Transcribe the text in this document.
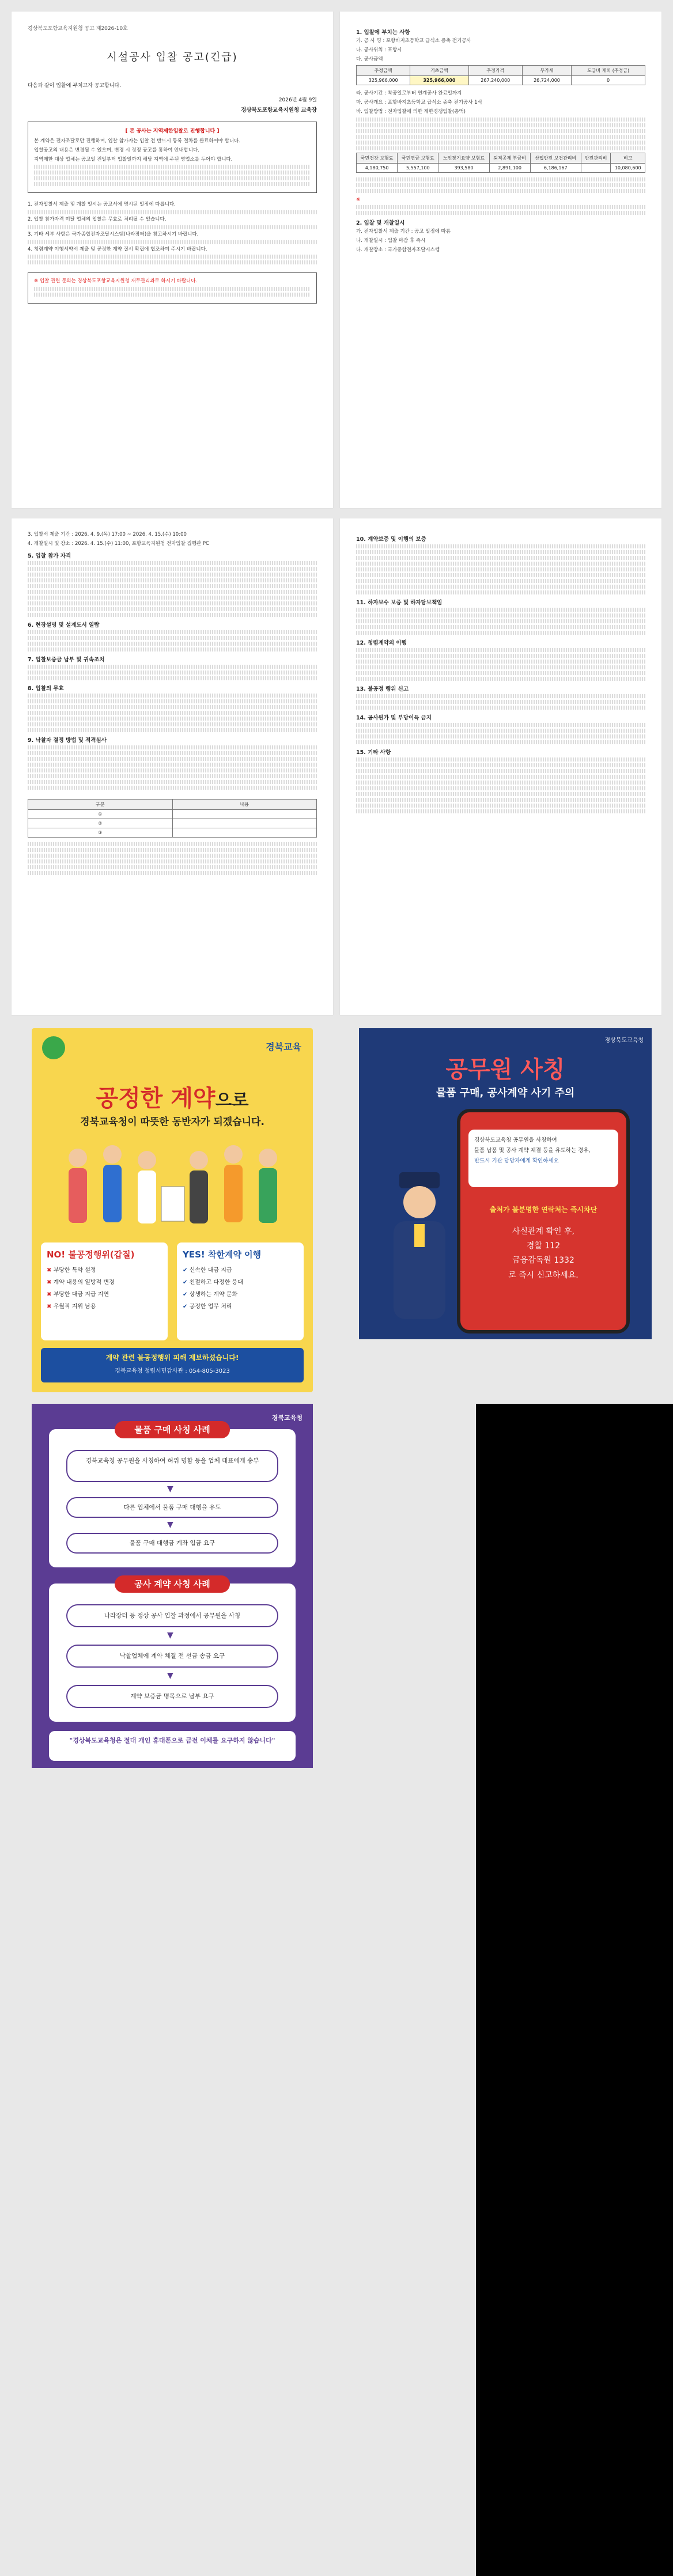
경상북도포항교육지원청 공고 제2026-10호
시설공사 입찰 공고(긴급)
다음과 같이 입찰에 부치고자 공고합니다.
2026년 4월 9일
경상북도포항교육지원청 교육장
[ 본 공사는 지역제한입찰로 진행합니다 ]
본 계약은 전자조달로만 진행하며, 입찰 참가자는 입찰 전 반드시 등록 절차를 완료하여야 합니다.
입찰공고의 내용은 변경될 수 있으며, 변경 시 정정 공고를 통하여 안내합니다.
지역제한 대상 업체는 공고일 전일부터 입찰일까지 해당 지역에 주된 영업소를 두어야 합니다.
1. 전자입찰서 제출 및 개찰 일시는 공고서에 명시된 일정에 따릅니다.
2. 입찰 참가자격 미달 업체의 입찰은 무효로 처리될 수 있습니다.
3. 기타 세부 사항은 국가종합전자조달시스템(나라장터)을 참고하시기 바랍니다.
4. 청렴계약 이행서약서 제출 및 공정한 계약 질서 확립에 협조하여 주시기 바랍니다.
※ 입찰 관련 문의는 경상북도포항교육지원청 재무관리과로 하시기 바랍니다.
1. 입찰에 부치는 사항
가. 공 사 명 : 포항바지초등학교 급식소 증축 전기공사
나. 공사위치 : 포항시
다. 공사금액
추정금액	기초금액	추정가격	부가세	도급비 제외 (추정금)
325,966,000	325,966,000	267,240,000	26,724,000	0
라. 공사기간 : 착공일로부터 연계공사 완료일까지
마. 공사개요 : 포항바지초등학교 급식소 증축 전기공사 1식
바. 입찰방법 : 전자입찰에 의한 제한경쟁입찰(총액)
국민건강 보험료	국민연금 보험료	노인장기요양 보험료	퇴직공제 부금비	산업안전 보건관리비	안전관리비	비고
4,180,750	5,557,100	393,580	2,891,100	6,186,167		10,080,600
※
2. 입찰 및 개찰일시
가. 전자입찰서 제출 기간 : 공고 일정에 따름
나. 개찰일시 : 입찰 마감 후 즉시
다. 개찰장소 : 국가종합전자조달시스템
3. 입찰서 제출 기간 : 2026. 4. 9.(목) 17:00 ~ 2026. 4. 15.(수) 10:00
4. 개찰일시 및 장소 : 2026. 4. 15.(수) 11:00, 포항교육지원청 전자입찰 집행관 PC
5. 입찰 참가 자격
6. 현장설명 및 설계도서 열람
7. 입찰보증금 납부 및 귀속조치
8. 입찰의 무효
9. 낙찰자 결정 방법 및 적격심사
구분	내용
①	
②	
③	
10. 계약보증 및 이행의 보증
11. 하자보수 보증 및 하자담보책임
12. 청렴계약의 이행
13. 불공정 행위 신고
14. 공사원가 및 부당이득 금지
15. 기타 사항
경북교육
공정한 계약으로
경북교육청이 따뜻한 동반자가 되겠습니다.
NO! 불공정행위(갑질)
✖ 부당한 특약 설정
✖ 계약 내용의 일방적 변경
✖ 부당한 대금 지급 지연
✖ 우월적 지위 남용
YES! 착한계약 이행
✔ 신속한 대금 지급
✔ 친절하고 다정한 응대
✔ 상생하는 계약 문화
✔ 공정한 업무 처리
계약 관련 불공정행위 피해 제보하셨습니다!
경북교육청 청렴시민감사관 : 054-805-3023
경상북도교육청
공무원 사칭
물품 구매, 공사계약 사기 주의
경상북도교육청 공무원을 사칭하여
물품 납품 및 공사 계약 체결 등을 유도하는 경우,
반드시 기관 담당자에게 확인하세요
출처가 불분명한 연락처는 즉시차단
사실관계 확인 후,
경찰 112
금융감독원 1332
로 즉시 신고하세요.
경북교육청
물품 구매 사칭 사례
경북교육청 공무원을 사칭하여 허위 명함 등을 업체 대표에게 송부
▼
다른 업체에서 물품 구매 대행을 유도
▼
물품 구매 대행금 계좌 입금 요구
공사 계약 사칭 사례
나라장터 등 정상 공사 입찰 과정에서 공무원을 사칭
▼
낙찰업체에 계약 체결 전 선금 송금 요구
▼
계약 보증금 명목으로 납부 요구
"경상북도교육청은 절대 개인 휴대폰으로 금전 이체를 요구하지 않습니다"
